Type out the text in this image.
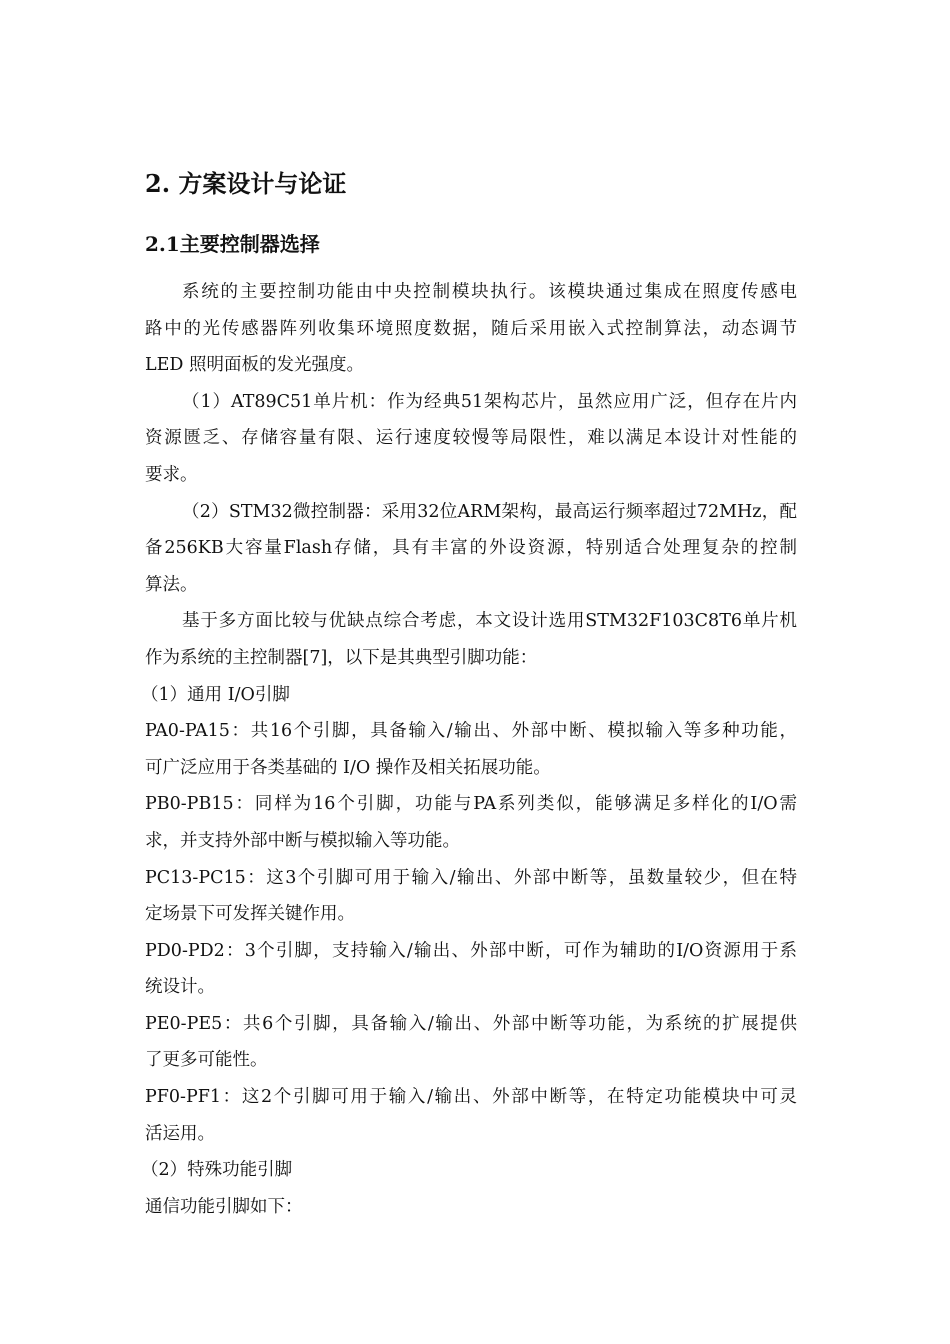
2. 方案设计与论证
2.1主要控制器选择
系统的主要控制功能由中央控制模块执行。该模块通过集成在照度传感电
路中的光传感器阵列收集环境照度数据，随后采用嵌入式控制算法，动态调节
LED 照明面板的发光强度。
（1）AT89C51单片机：作为经典51架构芯片，虽然应用广泛，但存在片内
资源匮乏、存储容量有限、运行速度较慢等局限性，难以满足本设计对性能的
要求。
（2）STM32微控制器：采用32位ARM架构，最高运行频率超过72MHz，配
备256KB大容量Flash存储，具有丰富的外设资源，特别适合处理复杂的控制
算法。
基于多方面比较与优缺点综合考虑，本文设计选用STM32F103C8T6单片机
作为系统的主控制器[7]，以下是其典型引脚功能：
（1）通用 I/O引脚
PA0-PA15：共16个引脚，具备输入/输出、外部中断、模拟输入等多种功能，
可广泛应用于各类基础的 I/O 操作及相关拓展功能。
PB0-PB15：同样为16个引脚，功能与PA系列类似，能够满足多样化的I/O需
求，并支持外部中断与模拟输入等功能。
PC13-PC15：这3个引脚可用于输入/输出、外部中断等，虽数量较少，但在特
定场景下可发挥关键作用。
PD0-PD2：3个引脚，支持输入/输出、外部中断，可作为辅助的I/O资源用于系
统设计。
PE0-PE5：共6个引脚，具备输入/输出、外部中断等功能，为系统的扩展提供
了更多可能性。
PF0-PF1：这2个引脚可用于输入/输出、外部中断等，在特定功能模块中可灵
活运用。
（2）特殊功能引脚
通信功能引脚如下：
